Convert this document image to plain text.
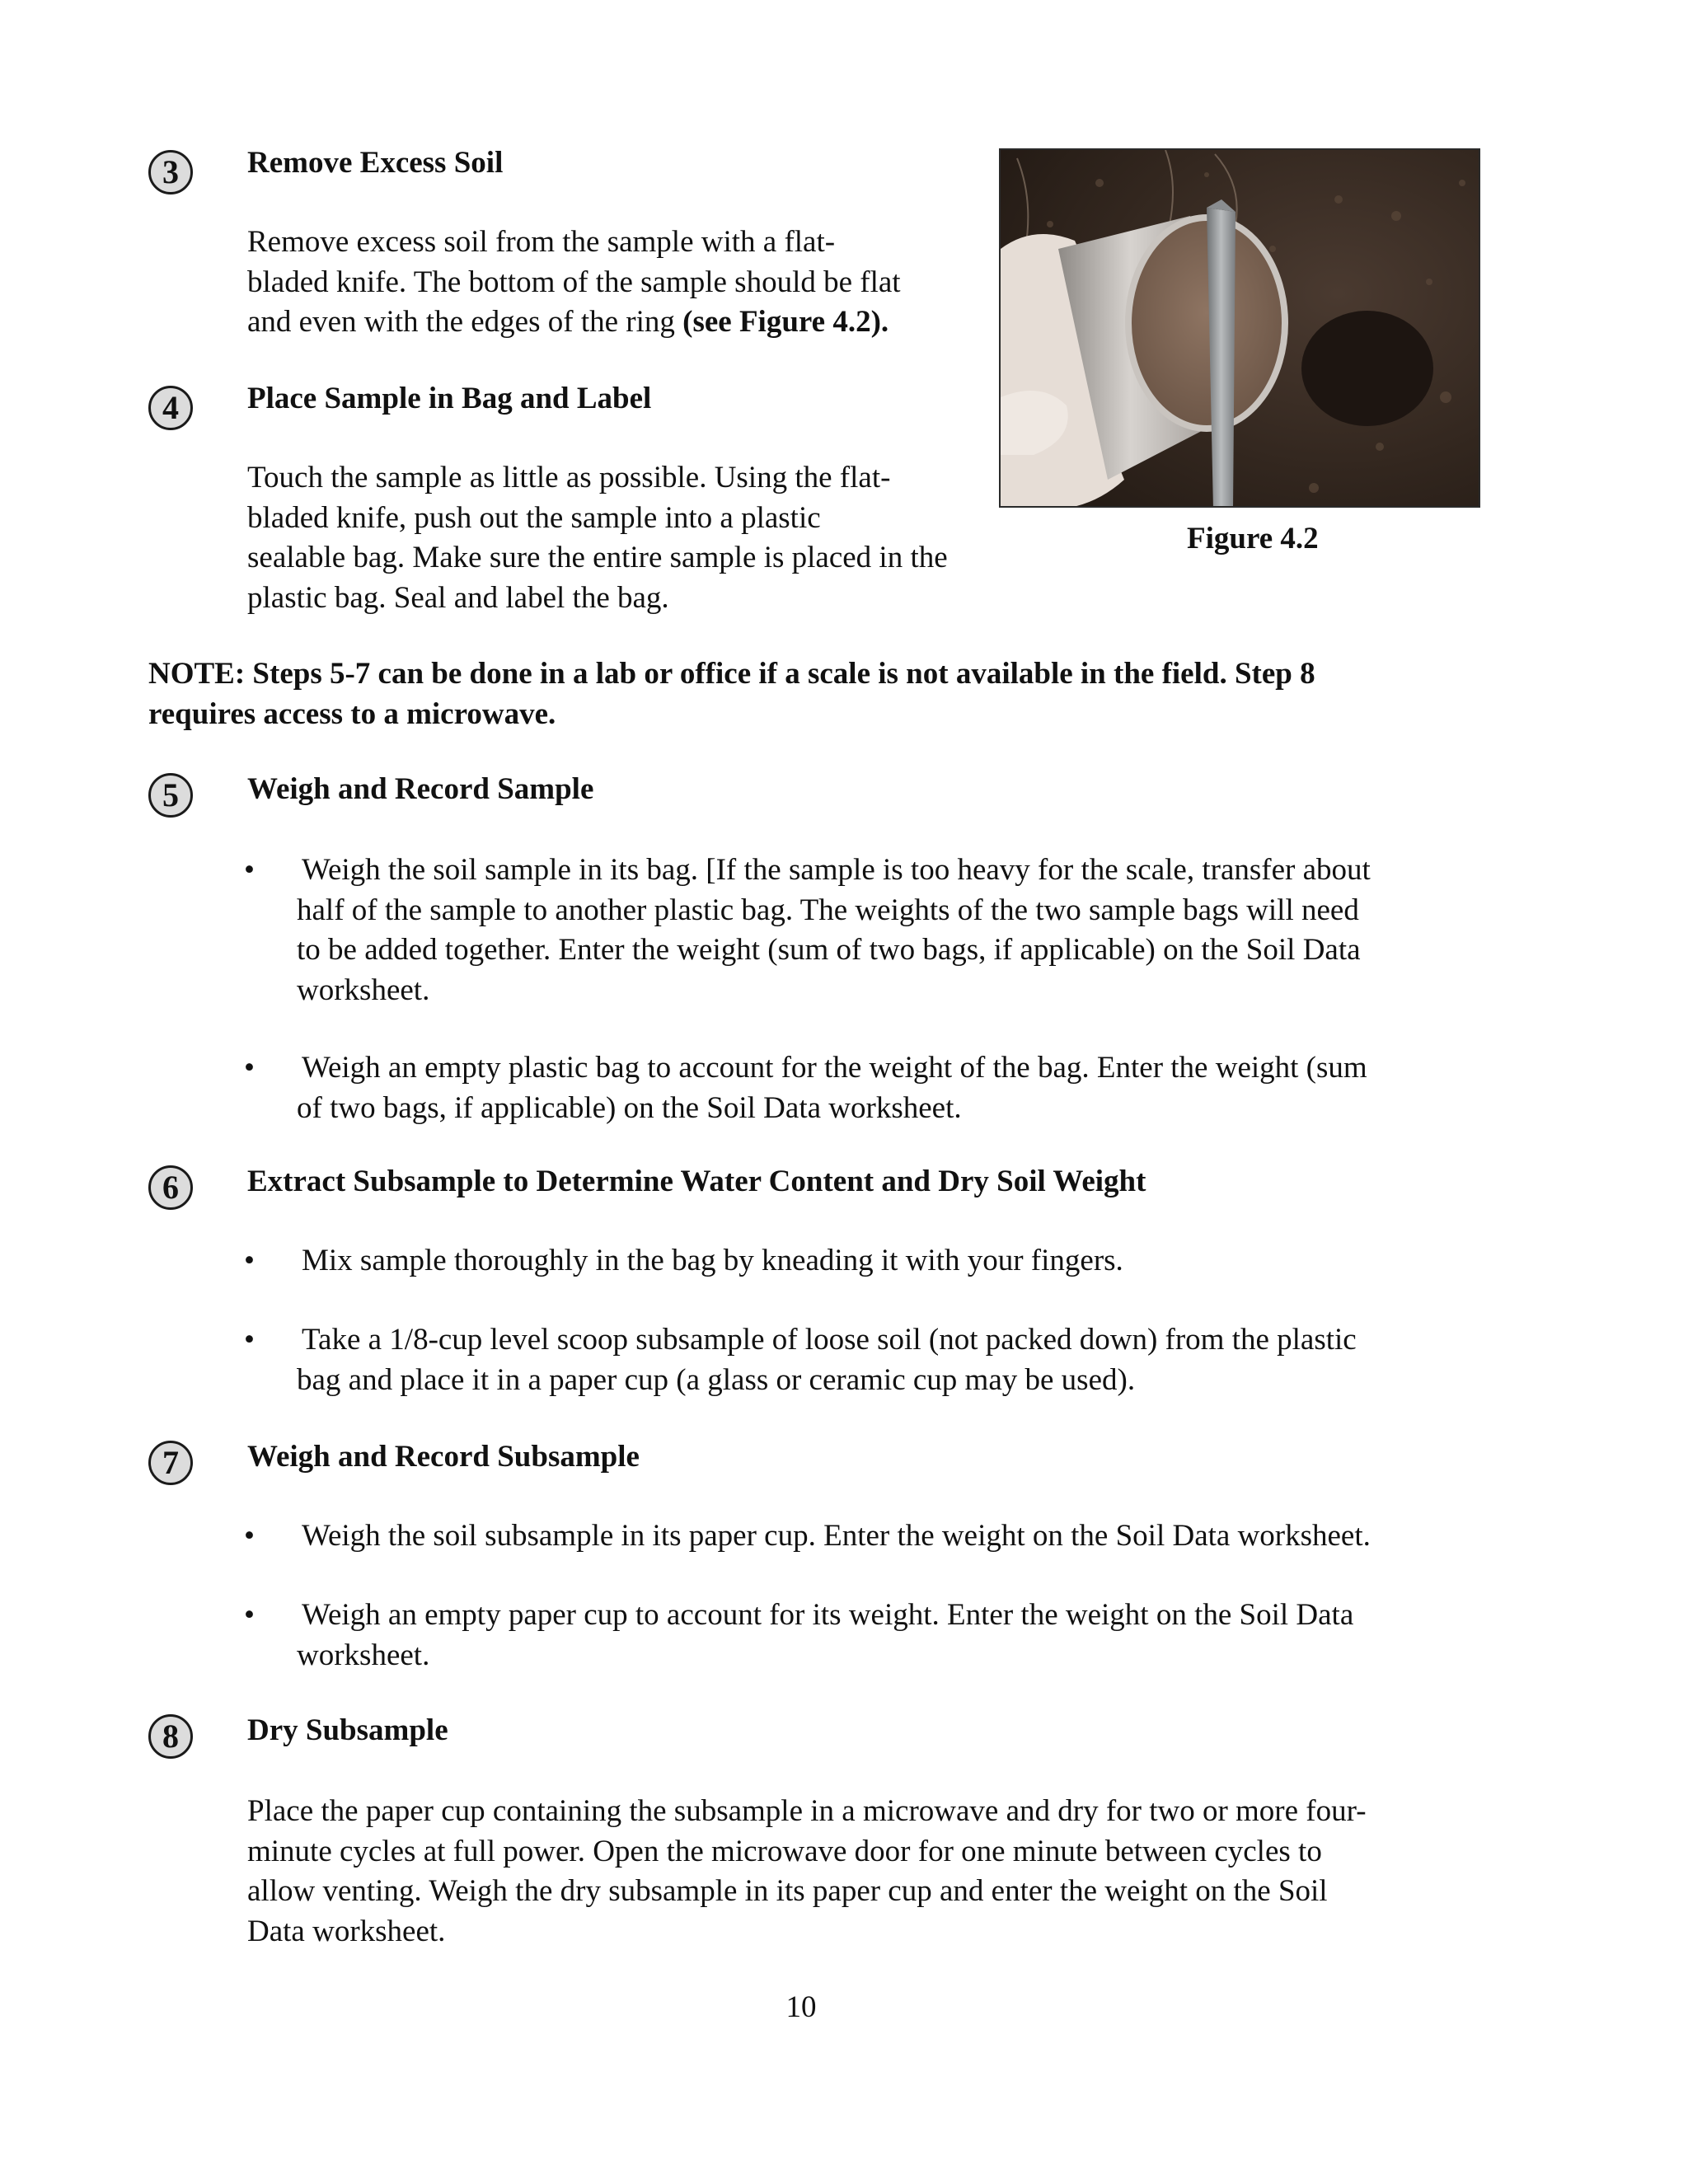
3	Remove Excess Soil
Remove excess soil from the sample with a flat-
bladed knife. The bottom of the sample should be flat
and even with the edges of the ring (see Figure 4.2).
4	Place Sample in Bag and Label
Touch the sample as little as possible. Using the flat-
bladed knife, push out the sample into a plastic
sealable bag. Make sure the entire sample is placed in the
plastic bag. Seal and label the bag.
Figure 4.2
NOTE: Steps 5-7 can be done in a lab or office if a scale is not available in the field. Step 8
requires access to a microwave.
5	Weigh and Record Sample
• Weigh the soil sample in its bag. [If the sample is too heavy for the scale, transfer about
half of the sample to another plastic bag. The weights of the two sample bags will need
to be added together. Enter the weight (sum of two bags, if applicable) on the Soil Data
worksheet.
• Weigh an empty plastic bag to account for the weight of the bag. Enter the weight (sum
of two bags, if applicable) on the Soil Data worksheet.
6	Extract Subsample to Determine Water Content and Dry Soil Weight
• Mix sample thoroughly in the bag by kneading it with your fingers.
• Take a 1/8-cup level scoop subsample of loose soil (not packed down) from the plastic
bag and place it in a paper cup (a glass or ceramic cup may be used).
7	Weigh and Record Subsample
• Weigh the soil subsample in its paper cup. Enter the weight on the Soil Data worksheet.
• Weigh an empty paper cup to account for its weight. Enter the weight on the Soil Data
worksheet.
8	Dry Subsample
Place the paper cup containing the subsample in a microwave and dry for two or more four-
minute cycles at full power. Open the microwave door for one minute between cycles to
allow venting. Weigh the dry subsample in its paper cup and enter the weight on the Soil
Data worksheet.
10
